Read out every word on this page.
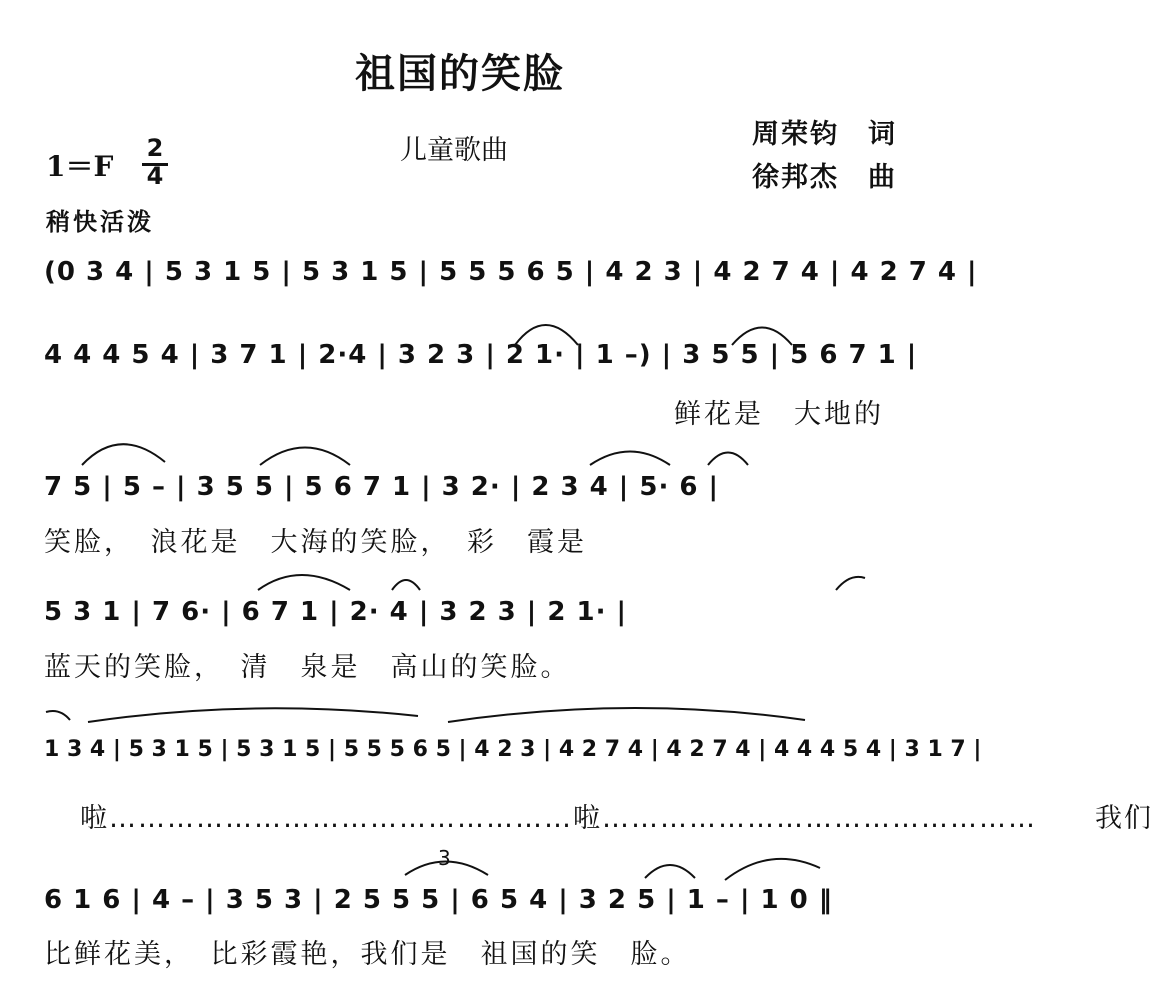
祖国的笑脸
儿童歌曲
周荣钧　词
徐邦杰　曲
1＝F
2
4
稍快活泼
(0 3 4 | 5 3 1 5 | 5 3 1 5 | 5 5 5 6 5 | 4 2 3 | 4 2 7 4 | 4 2 7 4 |
4 4 4 5 4 | 3 7 1 | 2·4 | 3 2 3 | 2 1· | 1 –) | 3 5 5 | 5 6 7 1 |
鲜花是　大地的
7 5 | 5 – | 3 5 5 | 5 6 7 1 | 3 2· | 2 3 4 | 5· 6 |
笑脸，　浪花是　大海的笑脸，　彩　霞是
5 3 1 | 7 6· | 6 7 1 | 2· 4 | 3 2 3 | 2 1· |
蓝天的笑脸，　清　泉是　高山的笑脸。
1 3 4 | 5 3 1 5 | 5 3 1 5 | 5 5 5 6 5 | 4 2 3 | 4 2 7 4 | 4 2 7 4 | 4 4 4 5 4 | 3 1 7 |
啦…………………………………………啦………………………………………　　我们
6 1 6 | 4 – | 3 5 3 | 2 5 5 5 | 6 5 4 | 3 2 5 | 1 – | 1 0 ‖
比鲜花美，　比彩霞艳，我们是　祖国的笑　脸。
3
